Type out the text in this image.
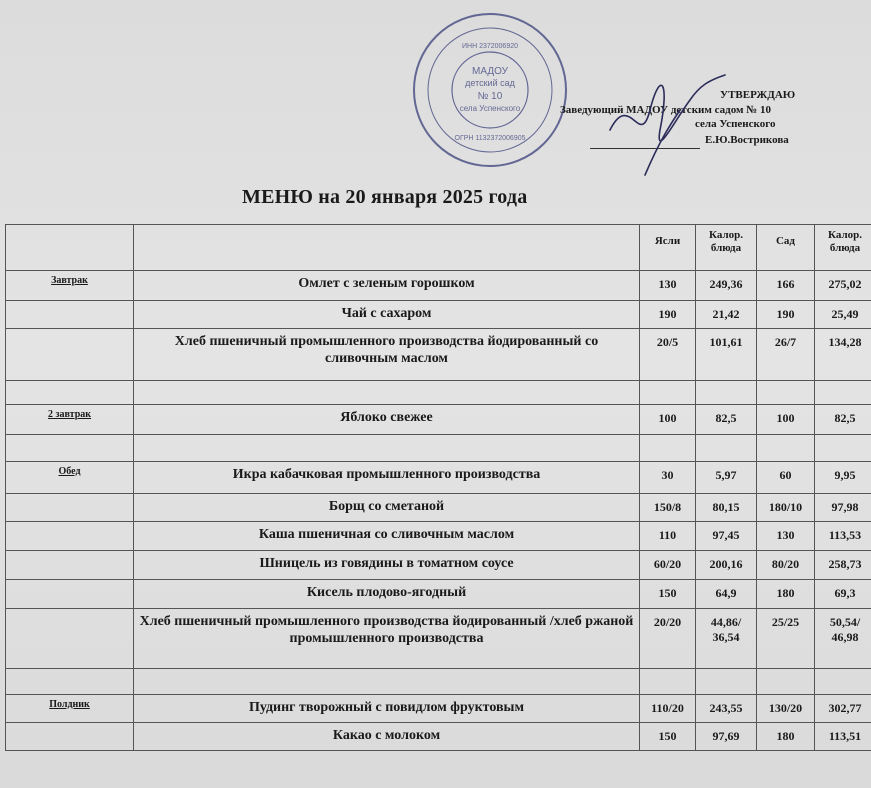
МАДОУ
детский сад
№ 10
села Успенского
ИНН 2372006920
ОГРН 1132372006905
УТВЕРЖДАЮ
Заведующий МАДОУ детским садом № 10
села Успенского
Е.Ю.Вострикова
МЕНЮ на 20 января 2025 года
		Ясли	Калор. блюда	Сад	Калор. блюда
Завтрак	Омлет с зеленым горошком	130	249,36	166	275,02
	Чай с сахаром	190	21,42	190	25,49
	Хлеб пшеничный промышленного производства йодированный со сливочным маслом	20/5	101,61	26/7	134,28

2 завтрак	Яблоко свежее	100	82,5	100	82,5

Обед	Икра кабачковая промышленного производства	30	5,97	60	9,95
	Борщ со сметаной	150/8	80,15	180/10	97,98
	Каша пшеничная со сливочным маслом	110	97,45	130	113,53
	Шницель из говядины в томатном соусе	60/20	200,16	80/20	258,73
	Кисель плодово-ягодный	150	64,9	180	69,3
	Хлеб пшеничный промышленного производства йодированный /хлеб ржаной промышленного производства	20/20	44,86/ 36,54	25/25	50,54/ 46,98

Полдник	Пудинг творожный с повидлом фруктовым	110/20	243,55	130/20	302,77
	Какао с молоком	150	97,69	180	113,51
